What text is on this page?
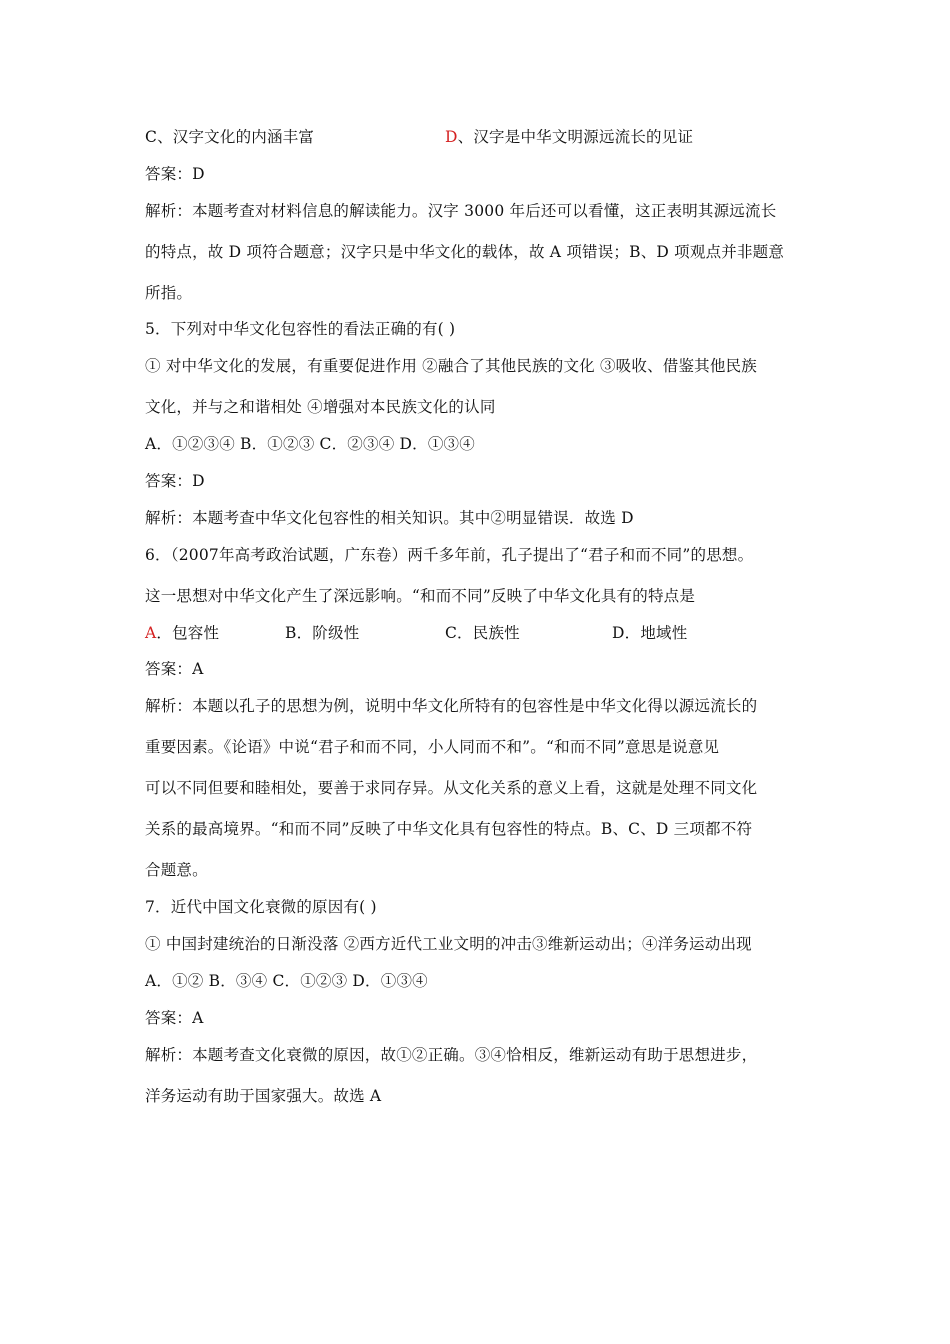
C、汉字文化的内涵丰富	D、汉字是中华文明源远流长的见证
答案：D
解析：本题考查对材料信息的解读能力。汉字 3000 年后还可以看懂，这正表明其源远流长
的特点，故 D 项符合题意；汉字只是中华文化的载体，故 A 项错误；B、D 项观点并非题意
所指。
5．下列对中华文化包容性的看法正确的有( )
① 对中华文化的发展，有重要促进作用 ②融合了其他民族的文化 ③吸收、借鉴其他民族
文化，并与之和谐相处 ④增强对本民族文化的认同
A．①②③④ B．①②③ C．②③④ D．①③④
答案：D
解析：本题考查中华文化包容性的相关知识。其中②明显错误．故选 D
6．（2007年高考政治试题，广东卷）两千多年前，孔子提出了“君子和而不同”的思想。
这一思想对中华文化产生了深远影响。“和而不同”反映了中华文化具有的特点是
A．包容性	B．阶级性	C．民族性	D．地域性
答案：A
解析：本题以孔子的思想为例，说明中华文化所特有的包容性是中华文化得以源远流长的
重要因素。《论语》中说“君子和而不同，小人同而不和”。“和而不同”意思是说意见
可以不同但要和睦相处，要善于求同存异。从文化关系的意义上看，这就是处理不同文化
关系的最高境界。“和而不同”反映了中华文化具有包容性的特点。B、C、D 三项都不符
合题意。
7．近代中国文化衰微的原因有( )
① 中国封建统治的日渐没落 ②西方近代工业文明的冲击③维新运动出；④洋务运动出现
A．①② B．③④ C．①②③ D．①③④
答案：A
解析：本题考查文化衰微的原因，故①②正确。③④恰相反，维新运动有助于思想进步，
洋务运动有助于国家强大。故选 A
